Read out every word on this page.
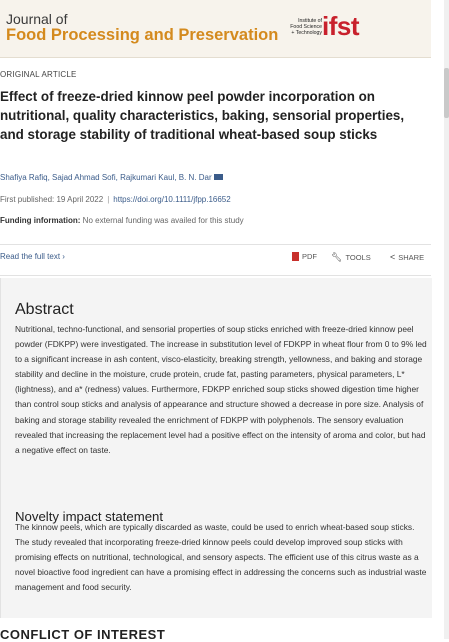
Journal of
Food Processing and Preservation
Institute of Food Science + Technology ifst
ORIGINAL ARTICLE
Effect of freeze-dried kinnow peel powder incorporation on nutritional, quality characteristics, baking, sensorial properties, and storage stability of traditional wheat-based soup sticks
Shafiya Rafiq, Sajad Ahmad Sofi, Rajkumari Kaul, B. N. Dar
First published: 19 April 2022 | https://doi.org/10.1111/jfpp.16652
Funding information: No external funding was availed for this study
Read the full text ›	PDF 🔧︎ TOOLS < SHARE
Abstract

Nutritional, techno-functional, and sensorial properties of soup sticks enriched with freeze-dried kinnow peel powder (FDKPP) were investigated. The increase in substitution level of FDKPP in wheat flour from 0 to 9% led to a significant increase in ash content, visco-elasticity, breaking strength, yellowness, and baking and storage stability and decline in the moisture, crude protein, crude fat, pasting parameters, physical parameters, L* (lightness), and a* (redness) values. Furthermore, FDKPP enriched soup sticks showed digestion time higher than control soup sticks and analysis of appearance and structure showed a decrease in pore size. Analysis of baking and storage stability revealed the enrichment of FDKPP with polyphenols. The sensory evaluation revealed that increasing the replacement level had a positive effect on the intensity of aroma and color, but had a negative effect on taste.

Novelty impact statement

The kinnow peels, which are typically discarded as waste, could be used to enrich wheat-based soup sticks. The study revealed that incorporating freeze-dried kinnow peels could develop improved soup sticks with promising effects on nutritional, technological, and sensory aspects. The efficient use of this citrus waste as a novel bioactive food ingredient can have a promising effect in addressing the concerns such as industrial waste management and food security.

CONFLICT OF INTEREST
